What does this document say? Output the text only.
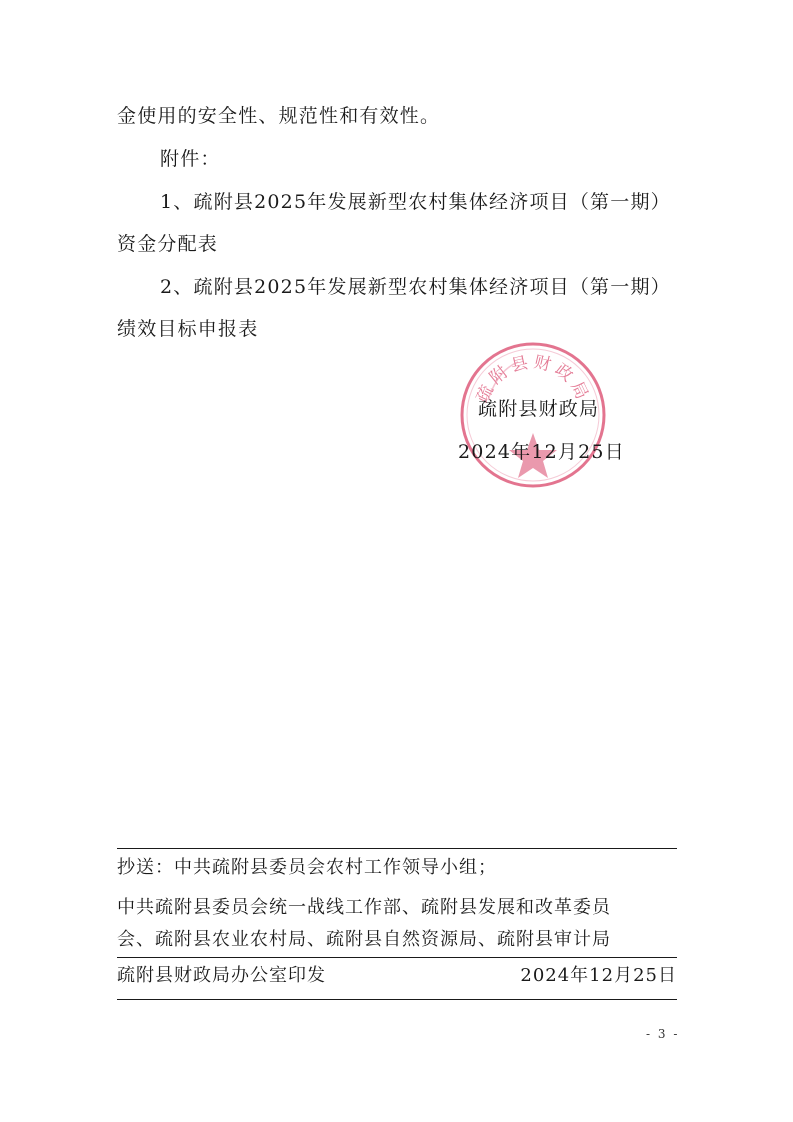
金使用的安全性、规范性和有效性。
附件：
1、疏附县2025年发展新型农村集体经济项目（第一期）
资金分配表
2、疏附县2025年发展新型农村集体经济项目（第一期）
绩效目标申报表
疏附县财政局
疏附县财政局
2024年12月25日
抄送：中共疏附县委员会农村工作领导小组；
中共疏附县委员会统一战线工作部、疏附县发展和改革委员
会、疏附县农业农村局、疏附县自然资源局、疏附县审计局
疏附县财政局办公室印发	2024年12月25日
- 3 -
